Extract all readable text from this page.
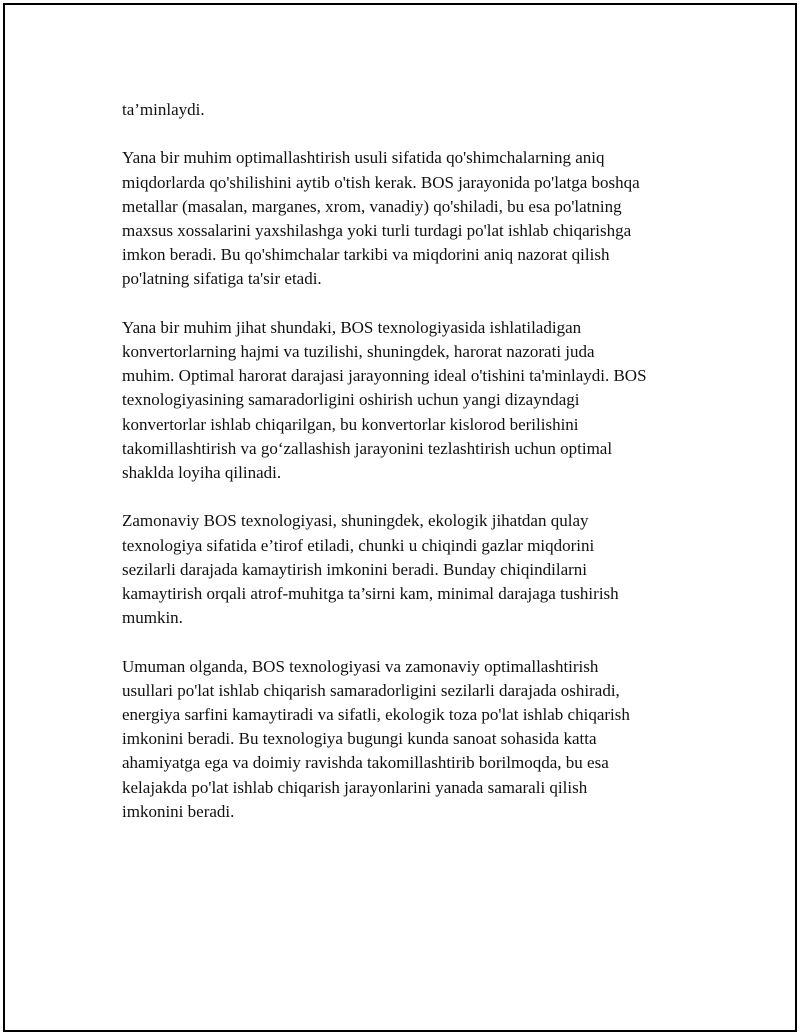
ta’minlaydi.

Yana bir muhim optimallashtirish usuli sifatida qo'shimchalarning aniq
miqdorlarda qo'shilishini aytib o'tish kerak. BOS jarayonida po'latga boshqa
metallar (masalan, marganes, xrom, vanadiy) qo'shiladi, bu esa po'latning
maxsus xossalarini yaxshilashga yoki turli turdagi po'lat ishlab chiqarishga
imkon beradi. Bu qo'shimchalar tarkibi va miqdorini aniq nazorat qilish
po'latning sifatiga ta'sir etadi.

Yana bir muhim jihat shundaki, BOS texnologiyasida ishlatiladigan
konvertorlarning hajmi va tuzilishi, shuningdek, harorat nazorati juda
muhim. Optimal harorat darajasi jarayonning ideal o'tishini ta'minlaydi. BOS
texnologiyasining samaradorligini oshirish uchun yangi dizayndagi
konvertorlar ishlab chiqarilgan, bu konvertorlar kislorod berilishini
takomillashtirish va go‘zallashish jarayonini tezlashtirish uchun optimal
shaklda loyiha qilinadi.

Zamonaviy BOS texnologiyasi, shuningdek, ekologik jihatdan qulay
texnologiya sifatida e’tirof etiladi, chunki u chiqindi gazlar miqdorini
sezilarli darajada kamaytirish imkonini beradi. Bunday chiqindilarni
kamaytirish orqali atrof-muhitga ta’sirni kam, minimal darajaga tushirish
mumkin.

Umuman olganda, BOS texnologiyasi va zamonaviy optimallashtirish
usullari po'lat ishlab chiqarish samaradorligini sezilarli darajada oshiradi,
energiya sarfini kamaytiradi va sifatli, ekologik toza po'lat ishlab chiqarish
imkonini beradi. Bu texnologiya bugungi kunda sanoat sohasida katta
ahamiyatga ega va doimiy ravishda takomillashtirib borilmoqda, bu esa
kelajakda po'lat ishlab chiqarish jarayonlarini yanada samarali qilish
imkonini beradi.
